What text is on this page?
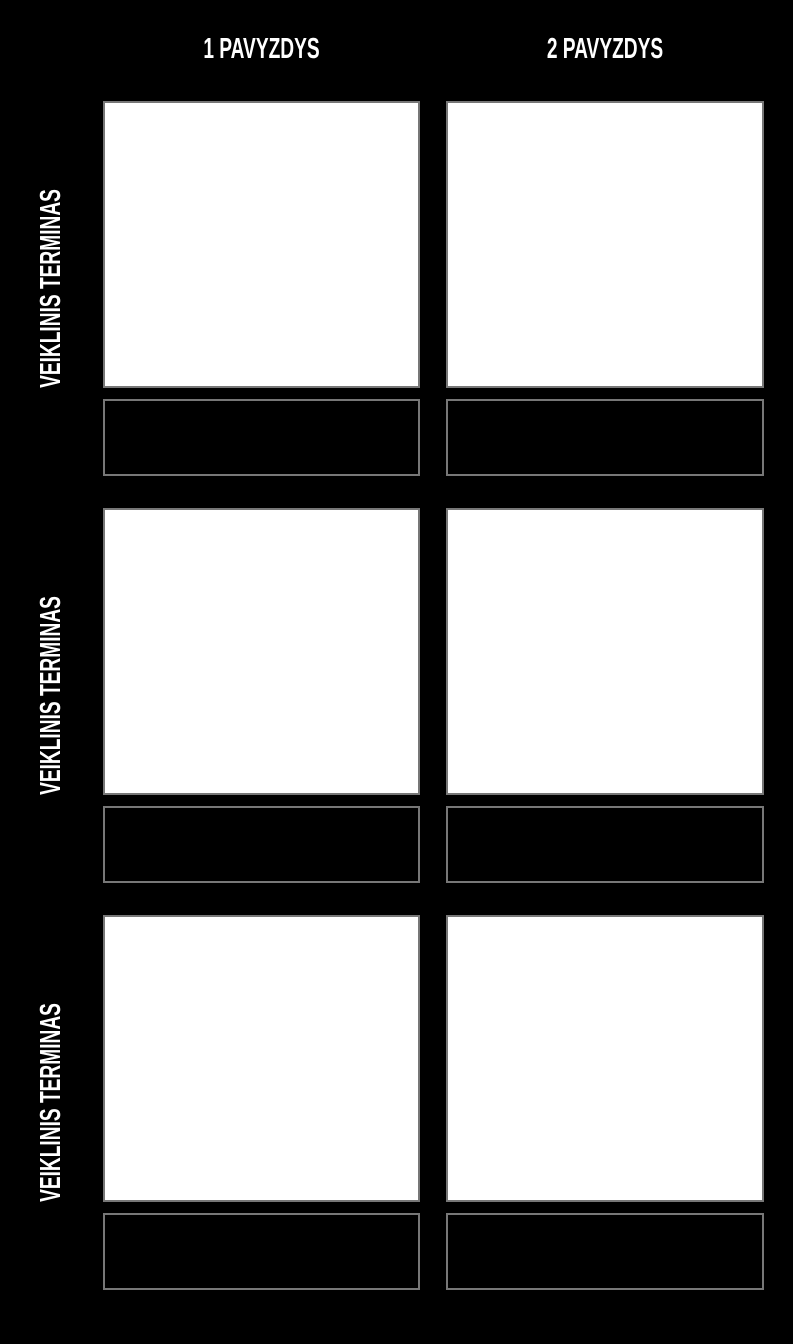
1 PAVYZDYS	2 PAVYZDYS
VEIKLINIS TERMINAS
VEIKLINIS TERMINAS
VEIKLINIS TERMINAS
